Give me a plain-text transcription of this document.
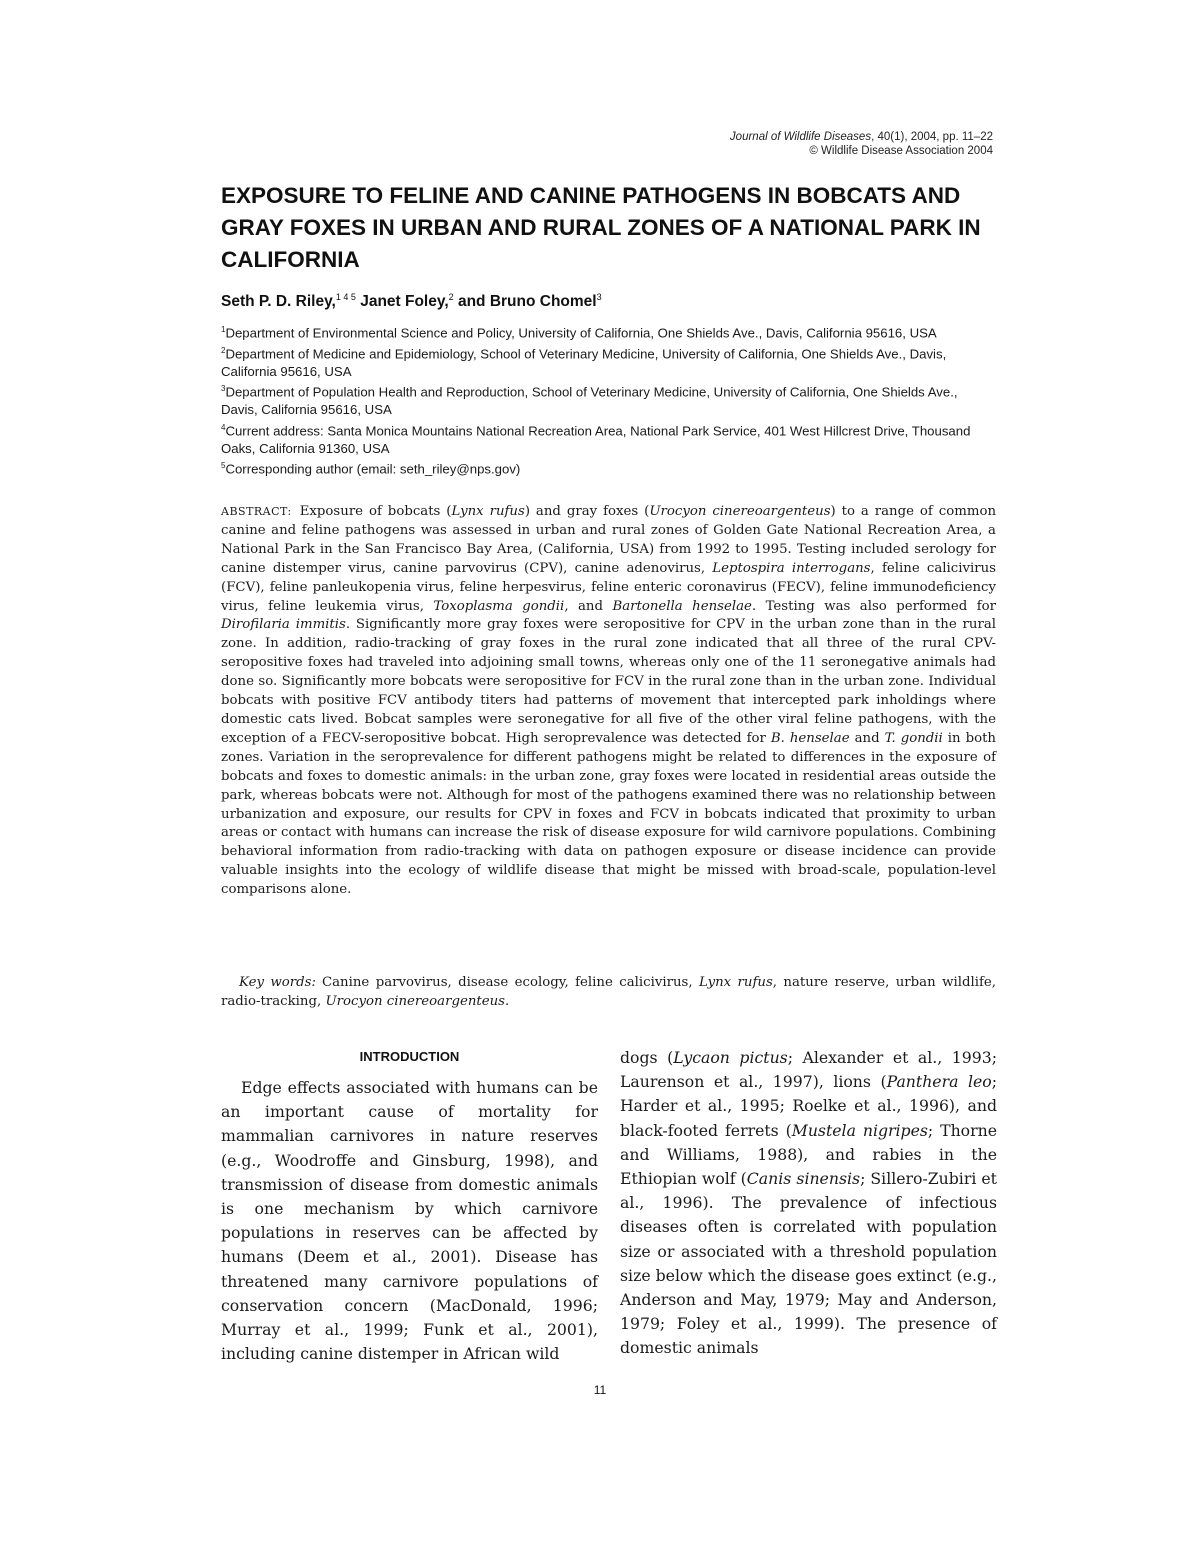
Journal of Wildlife Diseases, 40(1), 2004, pp. 11–22
© Wildlife Disease Association 2004
EXPOSURE TO FELINE AND CANINE PATHOGENS IN BOBCATS AND GRAY FOXES IN URBAN AND RURAL ZONES OF A NATIONAL PARK IN CALIFORNIA
Seth P. D. Riley,$^{1 4 5}$ Janet Foley,$^2$ and Bruno Chomel$^3$

$^1$Department of Environmental Science and Policy, University of California, One Shields Ave., Davis, California 95616, USA

$^2$Department of Medicine and Epidemiology, School of Veterinary Medicine, University of California, One Shields Ave., Davis, California 95616, USA

$^3$Department of Population Health and Reproduction, School of Veterinary Medicine, University of California, One Shields Ave., Davis, California 95616, USA

$^4$Current address: Santa Monica Mountains National Recreation Area, National Park Service, 401 West Hillcrest Drive, Thousand Oaks, California 91360, USA

$^5$Corresponding author (email: seth_riley@nps.gov)

ABSTRACT: Exposure of bobcats (Lynx rufus) and gray foxes (Urocyon cinereoargenteus) to a range of common canine and feline pathogens was assessed in urban and rural zones of Golden Gate National Recreation Area, a National Park in the San Francisco Bay Area, (California, USA) from 1992 to 1995. Testing included serology for canine distemper virus, canine parvovirus (CPV), canine adenovirus, Leptospira interrogans, feline calicivirus (FCV), feline panleukopenia virus, feline herpesvirus, feline enteric coronavirus (FECV), feline immunodeficiency virus, feline leukemia virus, Toxoplasma gondii, and Bartonella henselae. Testing was also performed for Dirofilaria immitis. Significantly more gray foxes were seropositive for CPV in the urban zone than in the rural zone. In addition, radio-tracking of gray foxes in the rural zone indicated that all three of the rural CPV-seropositive foxes had traveled into adjoining small towns, whereas only one of the 11 seronegative animals had done so. Significantly more bobcats were seropositive for FCV in the rural zone than in the urban zone. Individual bobcats with positive FCV antibody titers had patterns of movement that intercepted park inholdings where domestic cats lived. Bobcat samples were seronegative for all five of the other viral feline pathogens, with the exception of a FECV-seropositive bobcat. High seroprevalence was detected for B. henselae and T. gondii in both zones. Variation in the seroprevalence for different pathogens might be related to differences in the exposure of bobcats and foxes to domestic animals: in the urban zone, gray foxes were located in residential areas outside the park, whereas bobcats were not. Although for most of the pathogens examined there was no relationship between urbanization and exposure, our results for CPV in foxes and FCV in bobcats indicated that proximity to urban areas or contact with humans can increase the risk of disease exposure for wild carnivore populations. Combining behavioral information from radio-tracking with data on pathogen exposure or disease incidence can provide valuable insights into the ecology of wildlife disease that might be missed with broad-scale, population-level comparisons alone.

Key words: Canine parvovirus, disease ecology, feline calicivirus, Lynx rufus, nature reserve, urban wildlife, radio-tracking, Urocyon cinereoargenteus.

INTRODUCTION

Edge effects associated with humans can be an important cause of mortality for mammalian carnivores in nature reserves (e.g., Woodroffe and Ginsburg, 1998), and transmission of disease from domestic animals is one mechanism by which carnivore populations in reserves can be affected by humans (Deem et al., 2001). Disease has threatened many carnivore populations of conservation concern (MacDonald, 1996; Murray et al., 1999; Funk et al., 2001), including canine distemper in African wild

dogs (Lycaon pictus; Alexander et al., 1993; Laurenson et al., 1997), lions (Panthera leo; Harder et al., 1995; Roelke et al., 1996), and black-footed ferrets (Mustela nigripes; Thorne and Williams, 1988), and rabies in the Ethiopian wolf (Canis sinensis; Sillero-Zubiri et al., 1996). The prevalence of infectious diseases often is correlated with population size or associated with a threshold population size below which the disease goes extinct (e.g., Anderson and May, 1979; May and Anderson, 1979; Foley et al., 1999). The presence of domestic animals

11
